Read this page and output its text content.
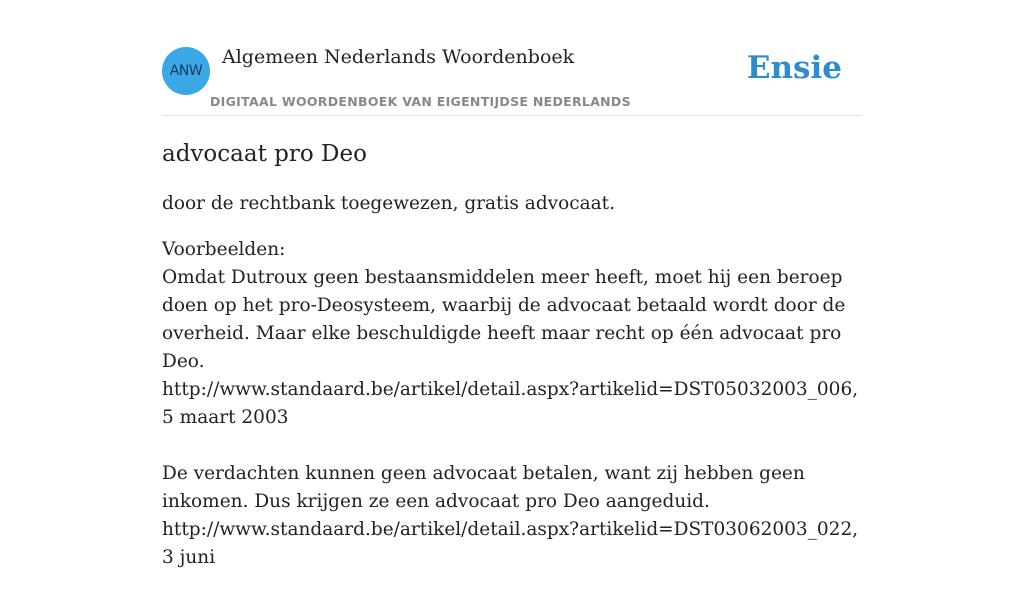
ANW
Algemeen Nederlands Woordenboek
DIGITAAL WOORDENBOEK VAN EIGENTIJDSE NEDERLANDS
Ensie
advocaat pro Deo

door de rechtbank toegewezen, gratis advocaat.

Voorbeelden:
Omdat Dutroux geen bestaansmiddelen meer heeft, moet hij een beroep doen op het pro-Deosysteem, waarbij de advocaat betaald wordt door de overheid. Maar elke beschuldigde heeft maar recht op één advocaat pro Deo.
http://www.standaard.be/artikel/detail.aspx?artikelid=DST05032003_006, 5 maart 2003
De verdachten kunnen geen advocaat betalen, want zij hebben geen inkomen. Dus krijgen ze een advocaat pro Deo aangeduid.
http://www.standaard.be/artikel/detail.aspx?artikelid=DST03062003_022, 3 juni
